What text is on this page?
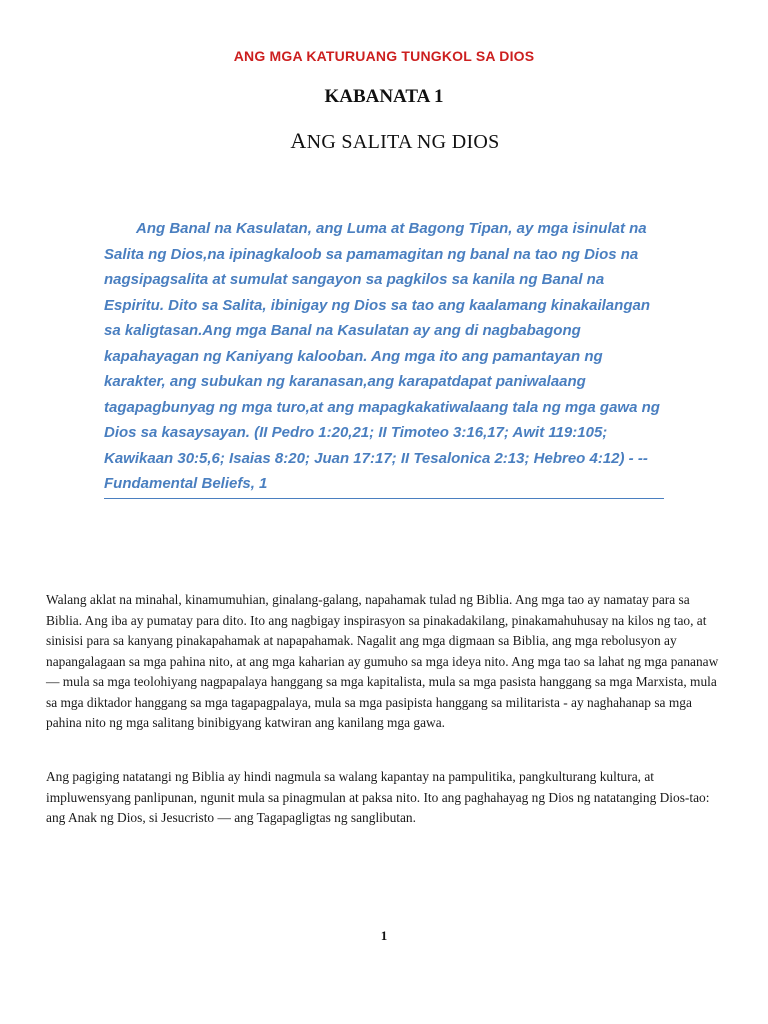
ANG MGA KATURUANG TUNGKOL SA DIOS
KABANATA 1
ANG SALITA NG DIOS

Ang Banal na Kasulatan, ang Luma at Bagong Tipan, ay mga isinulat na Salita ng Dios,na ipinagkaloob sa pamamagitan ng banal na tao ng Dios na nagsipagsalita at sumulat sangayon sa pagkilos sa kanila ng Banal na Espiritu. Dito sa Salita, ibinigay ng Dios sa tao ang kaalamang kinakailangan sa kaligtasan.Ang mga Banal na Kasulatan ay ang di nagbabagong kapahayagan ng Kaniyang kalooban. Ang mga ito ang pamantayan ng karakter, ang subukan ng karanasan,ang karapatdapat paniwalaang tagapagbunyag ng mga turo,at ang mapagkakatiwalaang tala ng mga gawa ng Dios sa kasaysayan. (II Pedro 1:20,21; II Timoteo 3:16,17; Awit 119:105; Kawikaan 30:5,6; Isaias 8:20; Juan 17:17; II Tesalonica 2:13; Hebreo 4:12) - --Fundamental Beliefs, 1

Walang aklat na minahal, kinamumuhian, ginalang-galang, napahamak tulad ng Biblia. Ang mga tao ay namatay para sa Biblia. Ang iba ay pumatay para dito. Ito ang nagbigay inspirasyon sa pinakadakilang, pinakamahuhusay na kilos ng tao, at sinisisi para sa kanyang pinakapahamak at napapahamak. Nagalit ang mga digmaan sa Biblia, ang mga rebolusyon ay napangalagaan sa mga pahina nito, at ang mga kaharian ay gumuho sa mga ideya nito. Ang mga tao sa lahat ng mga pananaw — mula sa mga teolohiyang nagpapalaya hanggang sa mga kapitalista, mula sa mga pasista hanggang sa mga Marxista, mula sa mga diktador hanggang sa mga tagapagpalaya, mula sa mga pasipista hanggang sa militarista - ay naghahanap sa mga pahina nito ng mga salitang binibigyang katwiran ang kanilang mga gawa.

Ang pagiging natatangi ng Biblia ay hindi nagmula sa walang kapantay na pampulitika, pangkulturang kultura, at impluwensyang panlipunan, ngunit mula sa pinagmulan at paksa nito. Ito ang paghahayag ng Dios ng natatanging Dios-tao: ang Anak ng Dios, si Jesucristo — ang Tagapagligtas ng sanglibutan.

1
